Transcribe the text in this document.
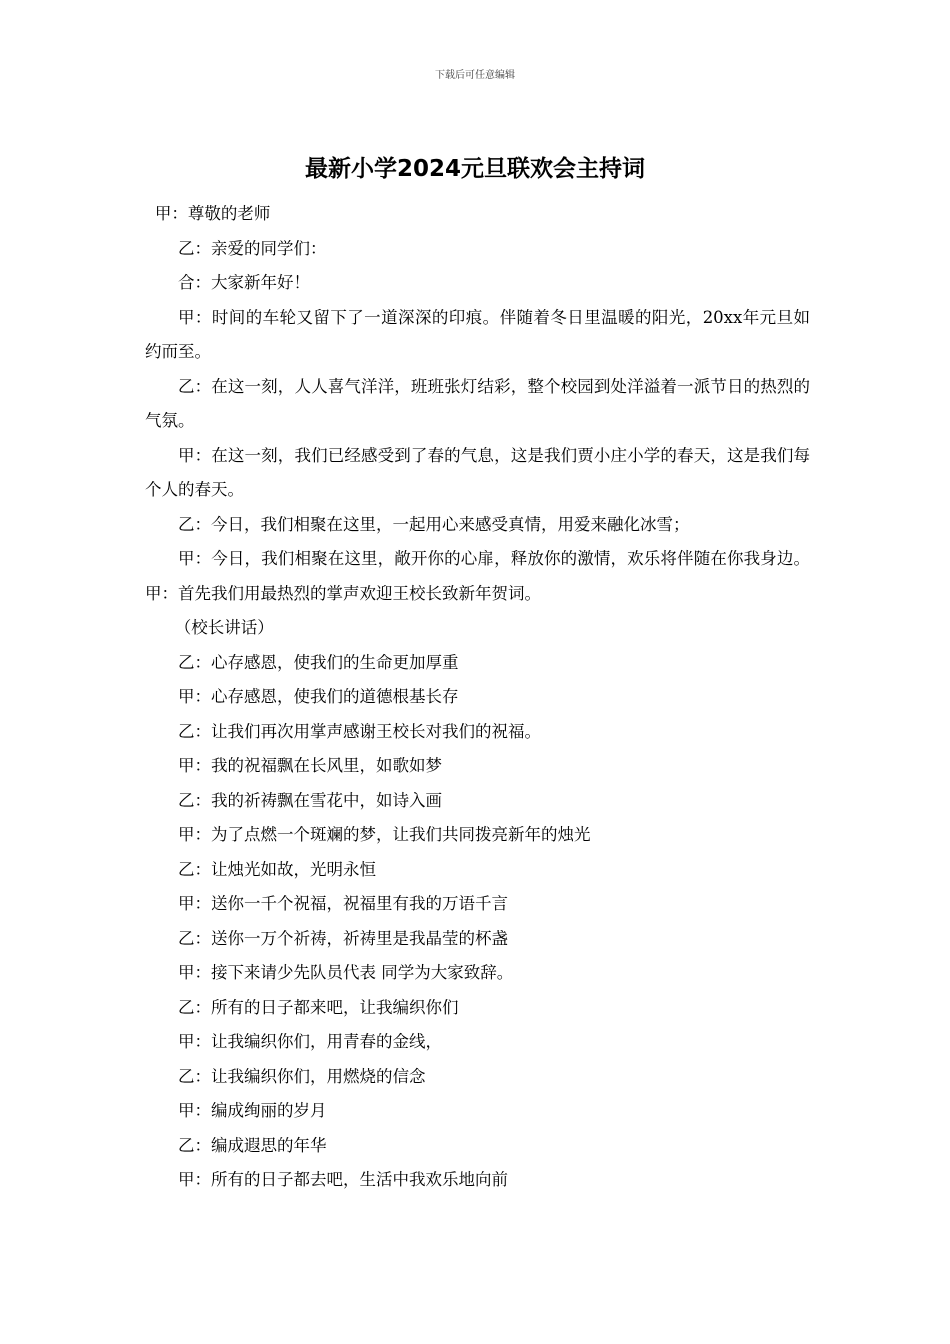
下载后可任意编辑
最新小学2024元旦联欢会主持词

甲：尊敬的老师

乙：亲爱的同学们：

合：大家新年好！

甲：时间的车轮又留下了一道深深的印痕。伴随着冬日里温暖的阳光，20xx年元旦如约而至。

乙：在这一刻，人人喜气洋洋，班班张灯结彩，整个校园到处洋溢着一派节日的热烈的气氛。

甲：在这一刻，我们已经感受到了春的气息，这是我们贾小庄小学的春天，这是我们每个人的春天。

乙：今日，我们相聚在这里，一起用心来感受真情，用爱来融化冰雪；

甲：今日，我们相聚在这里，敞开你的心扉，释放你的激情，欢乐将伴随在你我身边。 甲：首先我们用最热烈的掌声欢迎王校长致新年贺词。

（校长讲话）

乙：心存感恩，使我们的生命更加厚重

甲：心存感恩，使我们的道德根基长存

乙：让我们再次用掌声感谢王校长对我们的祝福。

甲：我的祝福飘在长风里，如歌如梦

乙：我的祈祷飘在雪花中，如诗入画

甲：为了点燃一个斑斓的梦，让我们共同拨亮新年的烛光

乙：让烛光如故，光明永恒

甲：送你一千个祝福，祝福里有我的万语千言

乙：送你一万个祈祷，祈祷里是我晶莹的杯盏

甲：接下来请少先队员代表 同学为大家致辞。

乙：所有的日子都来吧，让我编织你们

甲：让我编织你们，用青春的金线，

乙：让我编织你们，用燃烧的信念

甲：编成绚丽的岁月

乙：编成遐思的年华

甲：所有的日子都去吧，生活中我欢乐地向前
